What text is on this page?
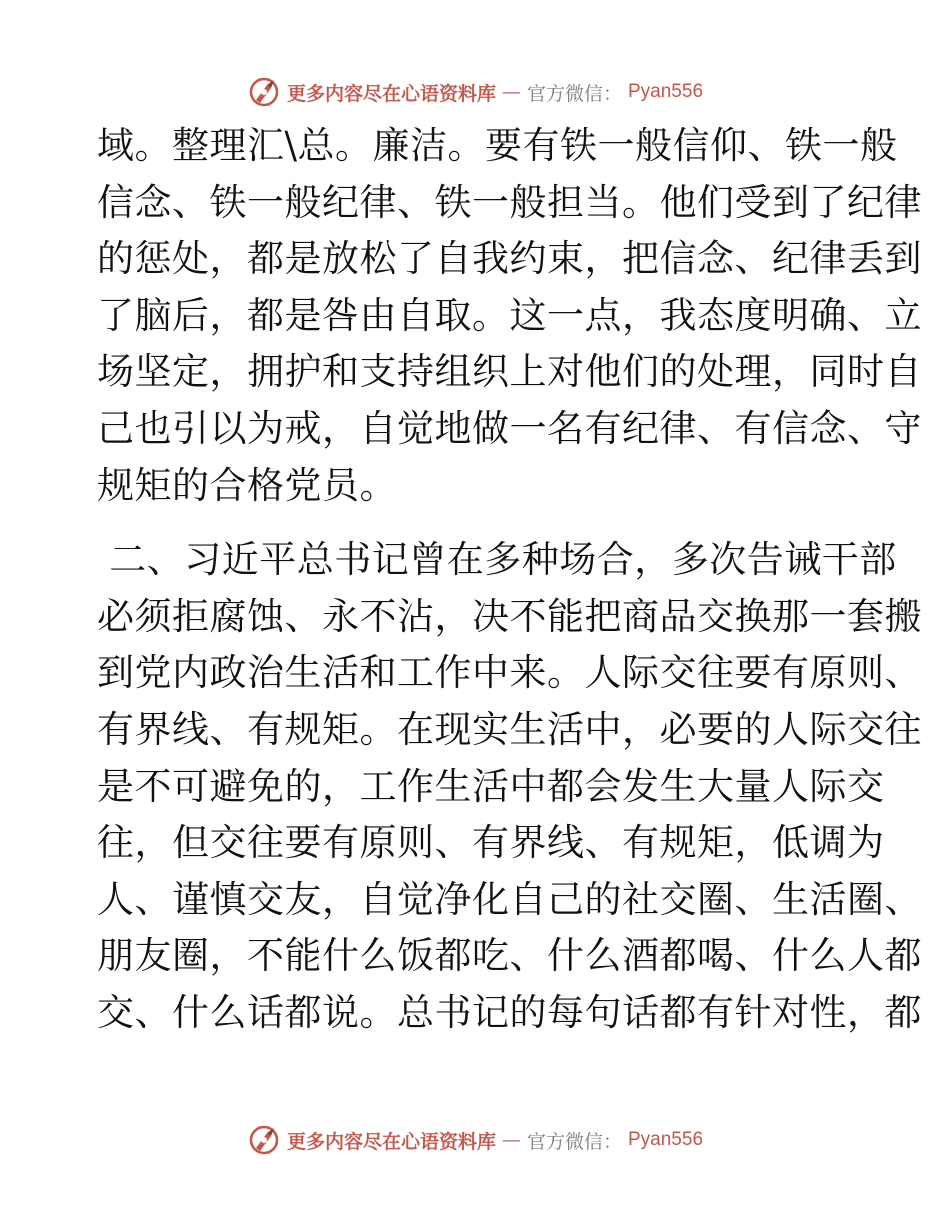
更多内容尽在心语资料库 — 官方微信： Pyan556
域。整理汇\总。廉洁。要有铁一般信仰、铁一般
信念、铁一般纪律、铁一般担当。他们受到了纪律
的惩处，都是放松了自我约束，把信念、纪律丢到
了脑后，都是咎由自取。这一点，我态度明确、立
场坚定，拥护和支持组织上对他们的处理，同时自
己也引以为戒，自觉地做一名有纪律、有信念、守
规矩的合格党员。
二、习近平总书记曾在多种场合，多次告诫干部
必须拒腐蚀、永不沾，决不能把商品交换那一套搬
到党内政治生活和工作中来。人际交往要有原则、
有界线、有规矩。在现实生活中，必要的人际交往
是不可避免的，工作生活中都会发生大量人际交
往，但交往要有原则、有界线、有规矩，低调为
人、谨慎交友，自觉净化自己的社交圈、生活圈、
朋友圈，不能什么饭都吃、什么酒都喝、什么人都
交、什么话都说。总书记的每句话都有针对性，都
更多内容尽在心语资料库 — 官方微信： Pyan556
